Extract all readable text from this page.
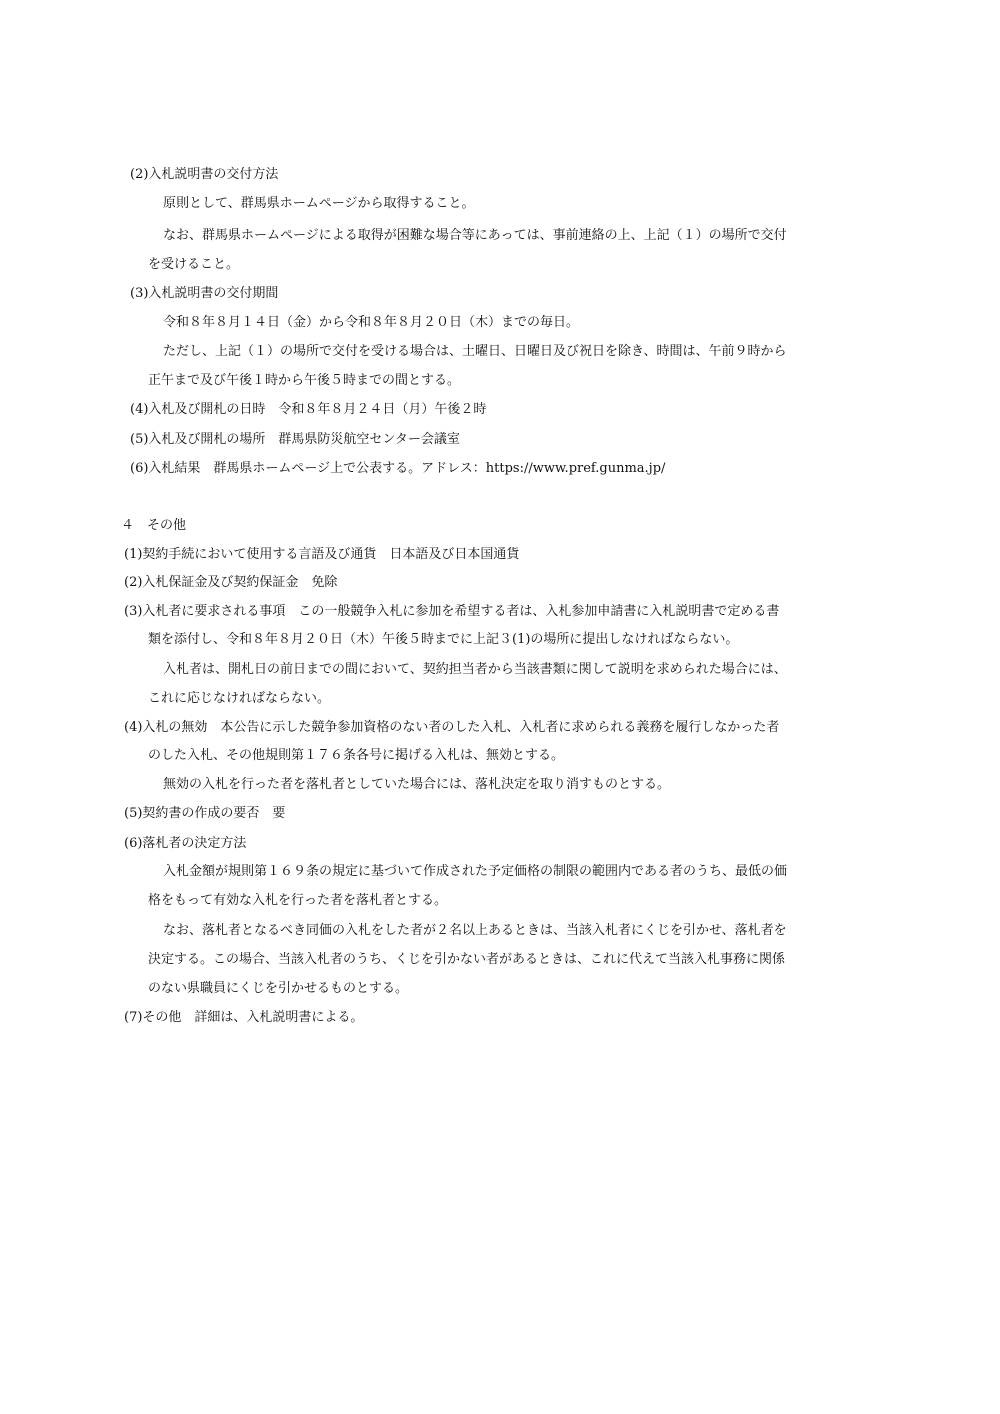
(2)入札説明書の交付方法

原則として、群馬県ホームページから取得すること。

なお、群馬県ホームページによる取得が困難な場合等にあっては、事前連絡の上、上記（１）の場所で交付

を受けること。

(3)入札説明書の交付期間

令和８年８月１４日（金）から令和８年８月２０日（木）までの毎日。

ただし、上記（１）の場所で交付を受ける場合は、土曜日、日曜日及び祝日を除き、時間は、午前９時から

正午まで及び午後１時から午後５時までの間とする。

(4)入札及び開札の日時　令和８年８月２４日（月）午後２時

(5)入札及び開札の場所　群馬県防災航空センター会議室

(6)入札結果　群馬県ホームページ上で公表する。アドレス：https://www.pref.gunma.jp/

４　その他

(1)契約手続において使用する言語及び通貨　日本語及び日本国通貨

(2)入札保証金及び契約保証金　免除

(3)入札者に要求される事項　この一般競争入札に参加を希望する者は、入札参加申請書に入札説明書で定める書

類を添付し、令和８年８月２０日（木）午後５時までに上記３(1)の場所に提出しなければならない。

入札者は、開札日の前日までの間において、契約担当者から当該書類に関して説明を求められた場合には、

これに応じなければならない。

(4)入札の無効　本公告に示した競争参加資格のない者のした入札、入札者に求められる義務を履行しなかった者

のした入札、その他規則第１７６条各号に掲げる入札は、無効とする。

無効の入札を行った者を落札者としていた場合には、落札決定を取り消すものとする。

(5)契約書の作成の要否　要

(6)落札者の決定方法

入札金額が規則第１６９条の規定に基づいて作成された予定価格の制限の範囲内である者のうち、最低の価

格をもって有効な入札を行った者を落札者とする。

なお、落札者となるべき同価の入札をした者が２名以上あるときは、当該入札者にくじを引かせ、落札者を

決定する。この場合、当該入札者のうち、くじを引かない者があるときは、これに代えて当該入札事務に関係

のない県職員にくじを引かせるものとする。

(7)その他　詳細は、入札説明書による。
